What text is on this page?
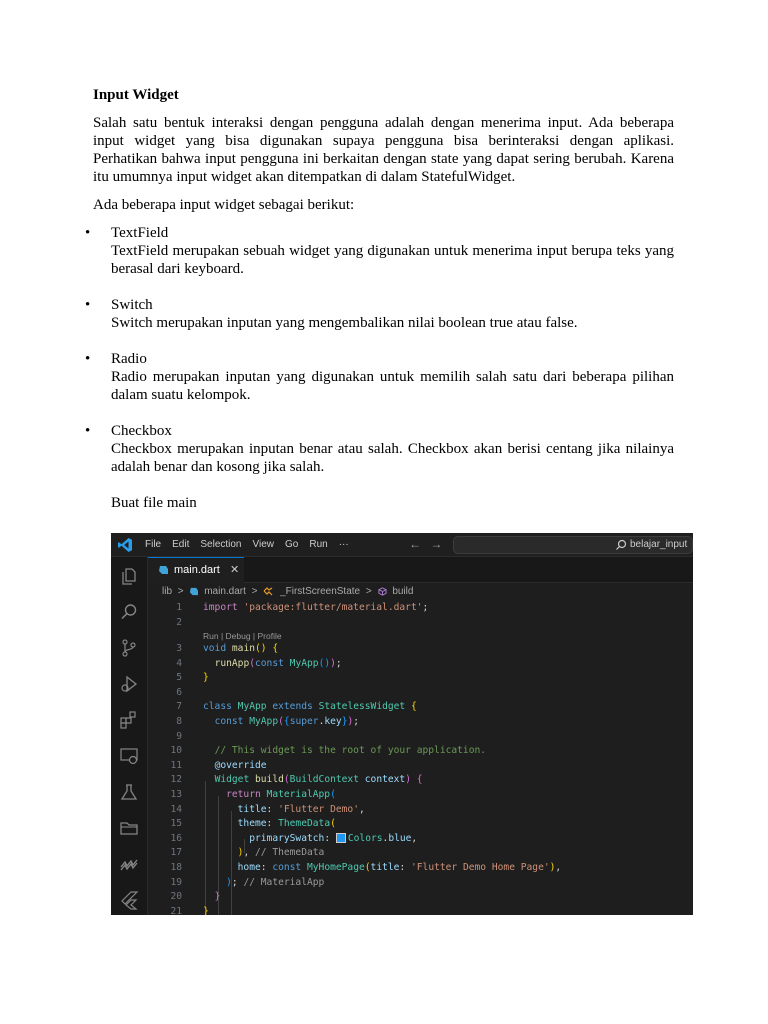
Input Widget

Salah satu bentuk interaksi dengan pengguna adalah dengan menerima input. Ada beberapa input widget yang bisa digunakan supaya pengguna bisa berinteraksi dengan aplikasi. Perhatikan bahwa input pengguna ini berkaitan dengan state yang dapat sering berubah. Karena itu umumnya input widget akan ditempatkan di dalam StatefulWidget.

Ada beberapa input widget sebagai berikut:

• TextField
TextField merupakan sebuah widget yang digunakan untuk menerima input berupa teks yang berasal dari keyboard.
• Switch
Switch merupakan inputan yang mengembalikan nilai boolean true atau false.
• Radio
Radio merupakan inputan yang digunakan untuk memilih salah satu dari beberapa pilihan dalam suatu kelompok.
• Checkbox
Checkbox merupakan inputan benar atau salah. Checkbox akan berisi centang jika nilainya adalah benar dan kosong jika salah.
Buat file main
File Edit Selection View Go Run ···	← →	belajar_input
main.dart ✕
lib > main.dart > _FirstScreenState > build
1 import 'package:flutter/material.dart';
2
Run | Debug | Profile
3 void main() {
4	runApp(const MyApp());
5 }
6
7 class MyApp extends StatelessWidget {
8	const MyApp({super.key});
9
10	// This widget is the root of your application.
11	@override
12	Widget build(BuildContext context) {
13	return MaterialApp(
14	title: 'Flutter Demo',
15	theme: ThemeData(
16	primarySwatch: Colors.blue,
17	), // ThemeData
18	home: const MyHomePage(title: 'Flutter Demo Home Page'),
19	); // MaterialApp
20	}
21 }
